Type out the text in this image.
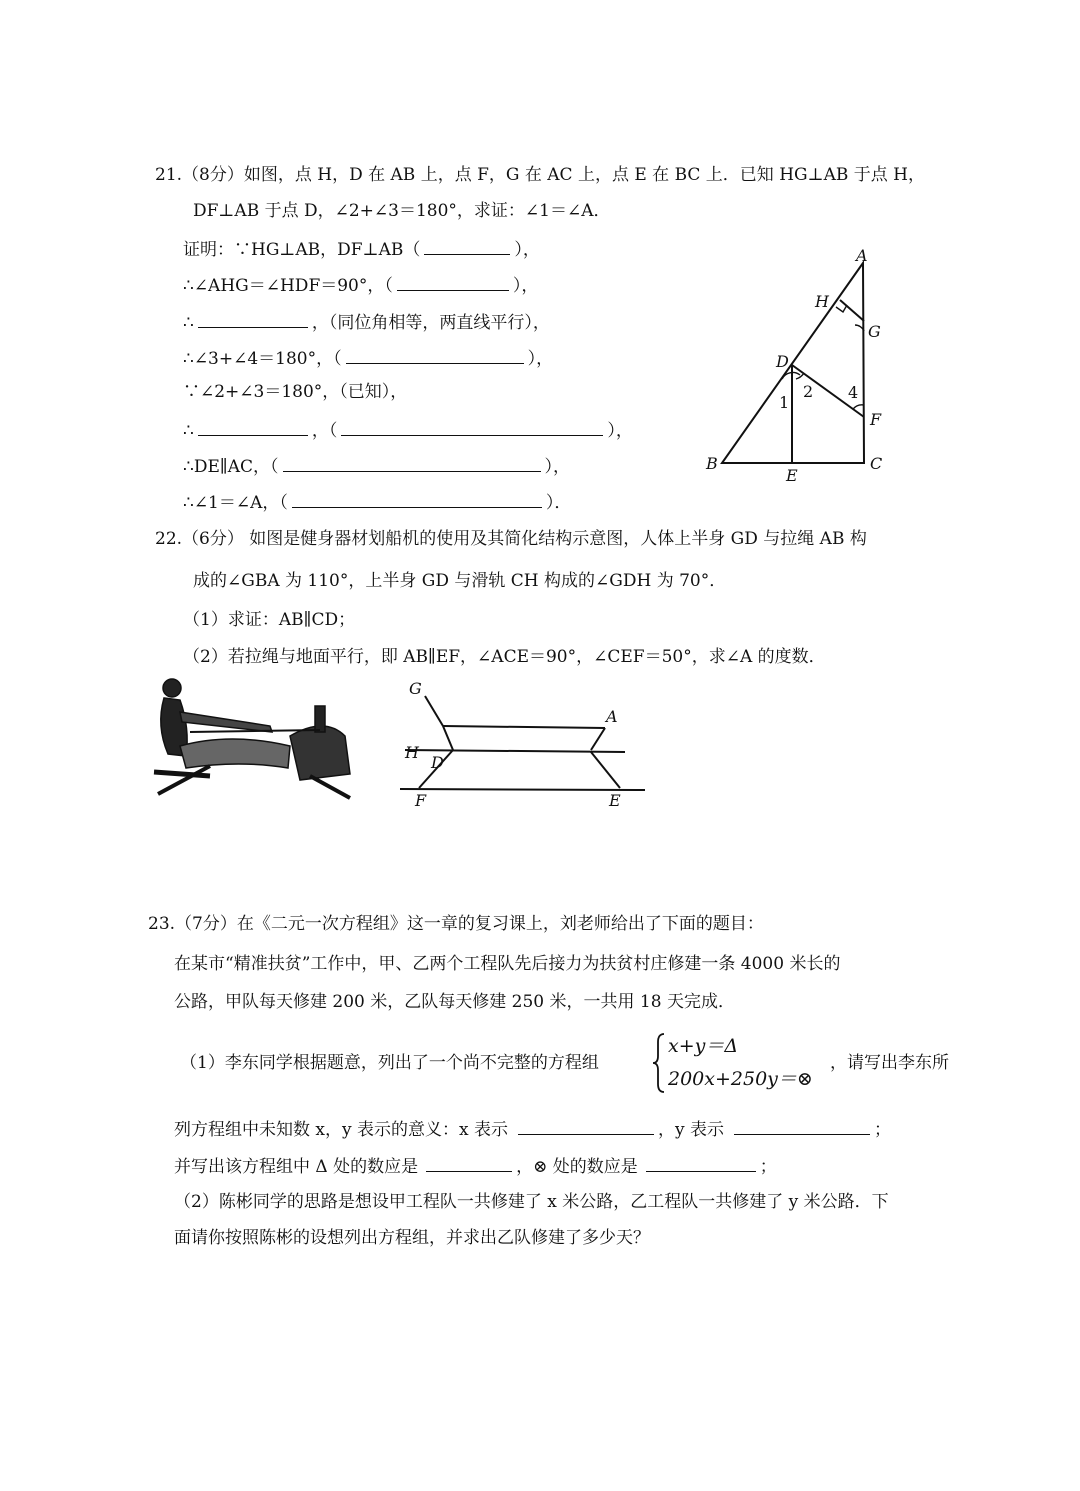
21.（8分）如图，点 H，D 在 AB 上，点 F，G 在 AC 上，点 E 在 BC 上．已知 HG⊥AB 于点 H，
DF⊥AB 于点 D，∠2+∠3＝180°，求证：∠1＝∠A．
证明：∵HG⊥AB，DF⊥AB（	），
∴∠AHG＝∠HDF＝90°，（	），
∴	，（同位角相等，两直线平行），
∴∠3+∠4＝180°，（	），
∵∠2+∠3＝180°，（已知），
∴	，（	），
∴DE∥AC，（	），
∴∠1＝∠A，（	）．
A
H
G
D
F
B
E
C
1
2 4
22.（6分） 如图是健身器材划船机的使用及其简化结构示意图，人体上半身 GD 与拉绳 AB 构
成的∠GBA 为 110°，上半身 GD 与滑轨 CH 构成的∠GDH 为 70°．
（1）求证：AB∥CD；
（2）若拉绳与地面平行，即 AB∥EF，∠ACE＝90°，∠CEF＝50°，求∠A 的度数．
G
A
H
D
F	E
23.（7分）在《二元一次方程组》这一章的复习课上，刘老师给出了下面的题目：
在某市“精准扶贫”工作中，甲、乙两个工程队先后接力为扶贫村庄修建一条 4000 米长的
公路，甲队每天修建 200 米，乙队每天修建 250 米，一共用 18 天完成．
（1）李东同学根据题意，列出了一个尚不完整的方程组
x+y＝Δ
200x+250y＝⊗
，请写出李东所
列方程组中未知数 x，y 表示的意义：x 表示	，y 表示	；
并写出该方程组中 Δ 处的数应是	，⊗ 处的数应是	；
（2）陈彬同学的思路是想设甲工程队一共修建了 x 米公路，乙工程队一共修建了 y 米公路．下
面请你按照陈彬的设想列出方程组，并求出乙队修建了多少天？
